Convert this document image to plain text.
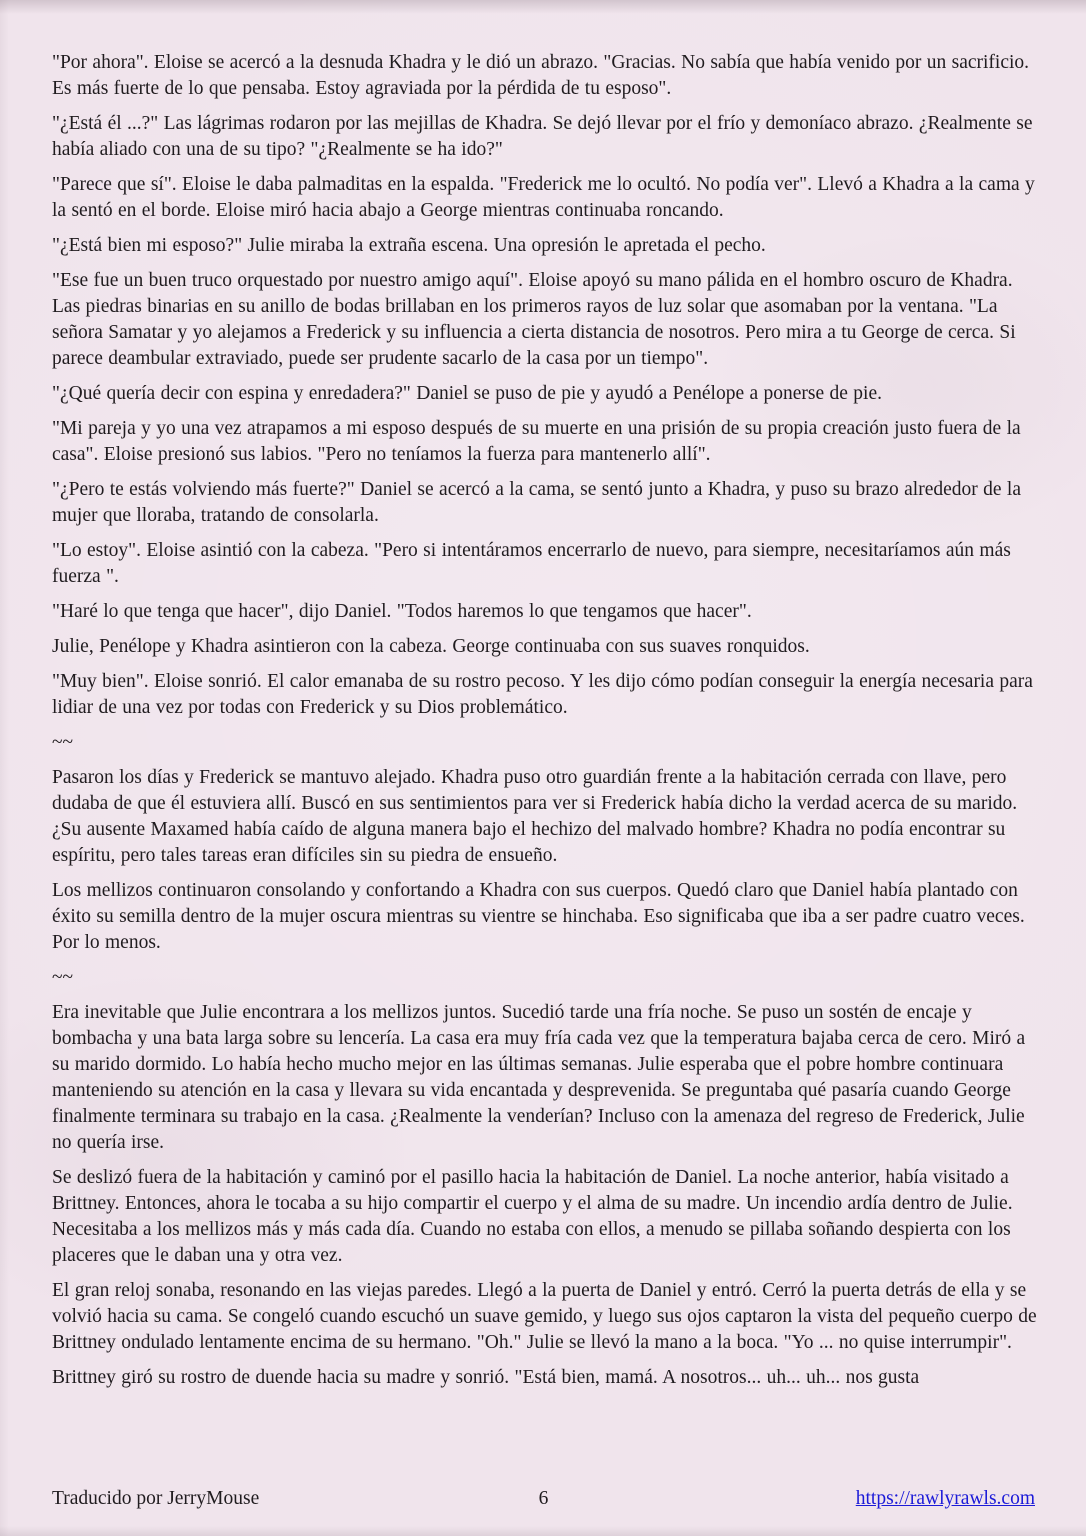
"Por ahora". Eloise se acercó a la desnuda Khadra y le dió un abrazo. "Gracias. No sabía que había venido por un sacrificio. Es más fuerte de lo que pensaba. Estoy agraviada por la pérdida de tu esposo".

"¿Está él ...?" Las lágrimas rodaron por las mejillas de Khadra. Se dejó llevar por el frío y demoníaco abrazo. ¿Realmente se había aliado con una de su tipo? "¿Realmente se ha ido?"

"Parece que sí". Eloise le daba palmaditas en la espalda. "Frederick me lo ocultó. No podía ver". Llevó a Khadra a la cama y la sentó en el borde. Eloise miró hacia abajo a George mientras continuaba roncando.

"¿Está bien mi esposo?" Julie miraba la extraña escena. Una opresión le apretada el pecho.

"Ese fue un buen truco orquestado por nuestro amigo aquí". Eloise apoyó su mano pálida en el hombro oscuro de Khadra. Las piedras binarias en su anillo de bodas brillaban en los primeros rayos de luz solar que asomaban por la ventana. "La señora Samatar y yo alejamos a Frederick y su influencia a cierta distancia de nosotros. Pero mira a tu George de cerca. Si parece deambular extraviado, puede ser prudente sacarlo de la casa por un tiempo".

"¿Qué quería decir con espina y enredadera?" Daniel se puso de pie y ayudó a Penélope a ponerse de pie.

"Mi pareja y yo una vez atrapamos a mi esposo después de su muerte en una prisión de su propia creación justo fuera de la casa". Eloise presionó sus labios. "Pero no teníamos la fuerza para mantenerlo allí".

"¿Pero te estás volviendo más fuerte?" Daniel se acercó a la cama, se sentó junto a Khadra, y puso su brazo alrededor de la mujer que lloraba, tratando de consolarla.

"Lo estoy". Eloise asintió con la cabeza. "Pero si intentáramos encerrarlo de nuevo, para siempre, necesitaríamos aún más fuerza ".

"Haré lo que tenga que hacer", dijo Daniel. "Todos haremos lo que tengamos que hacer".

Julie, Penélope y Khadra asintieron con la cabeza. George continuaba con sus suaves ronquidos.

"Muy bien". Eloise sonrió. El calor emanaba de su rostro pecoso. Y les dijo cómo podían conseguir la energía necesaria para lidiar de una vez por todas con Frederick y su Dios problemático.

~~

Pasaron los días y Frederick se mantuvo alejado. Khadra puso otro guardián frente a la habitación cerrada con llave, pero dudaba de que él estuviera allí. Buscó en sus sentimientos para ver si Frederick había dicho la verdad acerca de su marido. ¿Su ausente Maxamed había caído de alguna manera bajo el hechizo del malvado hombre? Khadra no podía encontrar su espíritu, pero tales tareas eran difíciles sin su piedra de ensueño.

Los mellizos continuaron consolando y confortando a Khadra con sus cuerpos. Quedó claro que Daniel había plantado con éxito su semilla dentro de la mujer oscura mientras su vientre se hinchaba. Eso significaba que iba a ser padre cuatro veces. Por lo menos.

~~

Era inevitable que Julie encontrara a los mellizos juntos. Sucedió tarde una fría noche. Se puso un sostén de encaje y bombacha y una bata larga sobre su lencería. La casa era muy fría cada vez que la temperatura bajaba cerca de cero. Miró a su marido dormido. Lo había hecho mucho mejor en las últimas semanas. Julie esperaba que el pobre hombre continuara manteniendo su atención en la casa y llevara su vida encantada y desprevenida. Se preguntaba qué pasaría cuando George finalmente terminara su trabajo en la casa. ¿Realmente la venderían? Incluso con la amenaza del regreso de Frederick, Julie no quería irse.

Se deslizó fuera de la habitación y caminó por el pasillo hacia la habitación de Daniel. La noche anterior, había visitado a Brittney. Entonces, ahora le tocaba a su hijo compartir el cuerpo y el alma de su madre. Un incendio ardía dentro de Julie. Necesitaba a los mellizos más y más cada día. Cuando no estaba con ellos, a menudo se pillaba soñando despierta con los placeres que le daban una y otra vez.

El gran reloj sonaba, resonando en las viejas paredes. Llegó a la puerta de Daniel y entró. Cerró la puerta detrás de ella y se volvió hacia su cama. Se congeló cuando escuchó un suave gemido, y luego sus ojos captaron la vista del pequeño cuerpo de Brittney ondulado lentamente encima de su hermano. "Oh." Julie se llevó la mano a la boca. "Yo ... no quise interrumpir".

Brittney giró su rostro de duende hacia su madre y sonrió. "Está bien, mamá. A nosotros... uh... uh... nos gusta

Traducido por JerryMouse	6	https://rawlyrawls.com
